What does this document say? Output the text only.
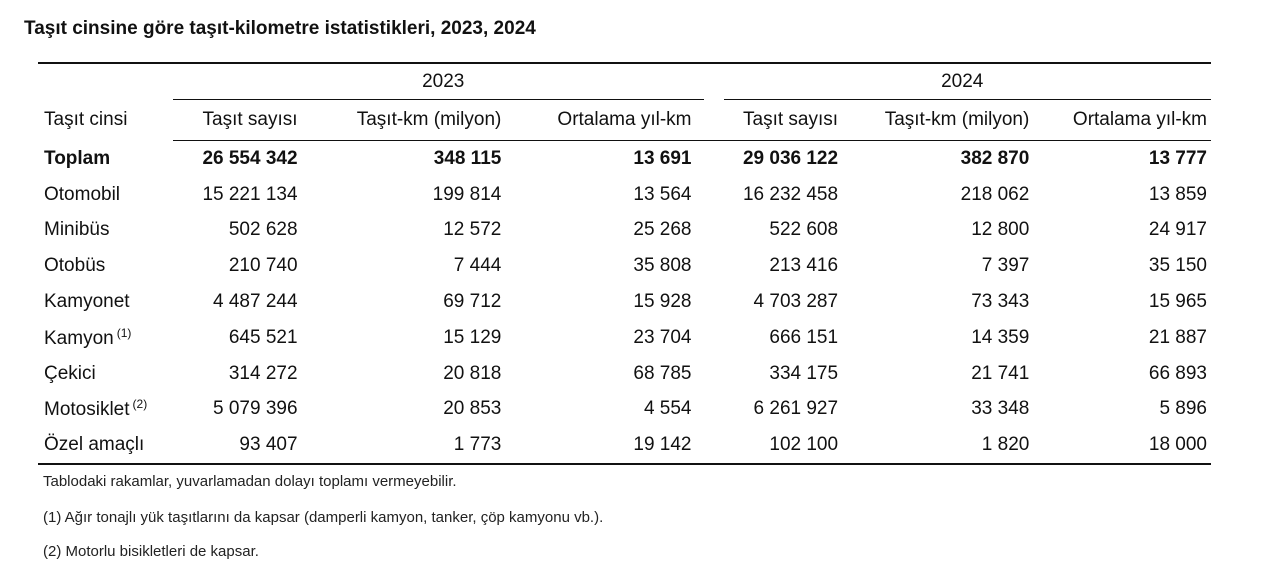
Taşıt cinsine göre taşıt-kilometre istatistikleri, 2023, 2024
	2023			2024		

Taşıt cinsi	Taşıt sayısı	Taşıt-km (milyon)	Ortalama yıl-km	Taşıt sayısı	Taşıt-km (milyon)	Ortalama yıl-km
Toplam	26 554 342	348 115	13 691	29 036 122	382 870	13 777
Otomobil	15 221 134	199 814	13 564	16 232 458	218 062	13 859
Minibüs	502 628	12 572	25 268	522 608	12 800	24 917
Otobüs	210 740	7 444	35 808	213 416	7 397	35 150
Kamyonet	4 487 244	69 712	15 928	4 703 287	73 343	15 965
Kamyon $^{(1)}$	645 521	15 129	23 704	666 151	14 359	21 887
Çekici	314 272	20 818	68 785	334 175	21 741	66 893
Motosiklet $^{(2)}$	5 079 396	20 853	4 554	6 261 927	33 348	5 896
Özel amaçlı	93 407	1 773	19 142	102 100	1 820	18 000
Tablodaki rakamlar, yuvarlamadan dolayı toplamı vermeyebilir.
(1) Ağır tonajlı yük taşıtlarını da kapsar (damperli kamyon, tanker, çöp kamyonu vb.).
(2) Motorlu bisikletleri de kapsar.
